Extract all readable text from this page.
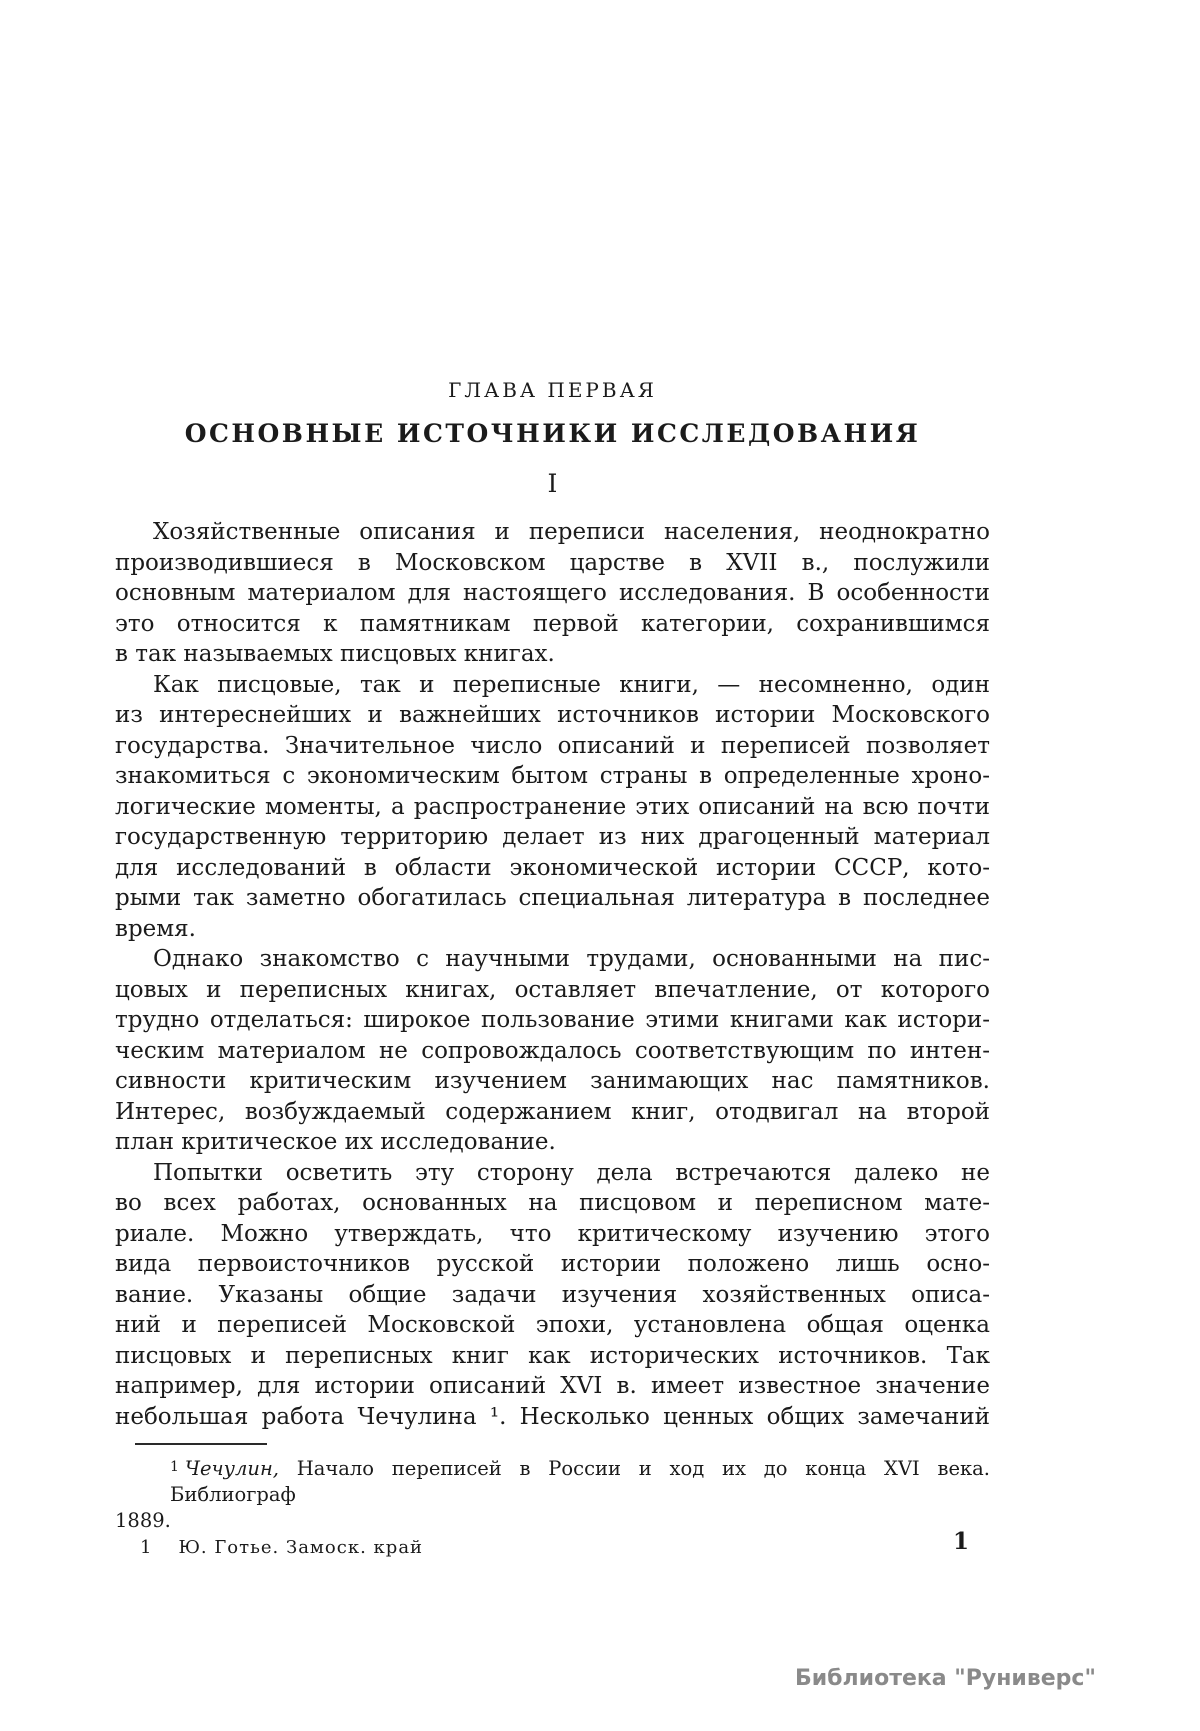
ГЛАВА ПЕРВАЯ
ОСНОВНЫЕ ИСТОЧНИКИ ИССЛЕДОВАНИЯ
I

Хозяйственные описания и переписи населения, неоднократно
производившиеся в Московском царстве в XVII в., послужили
основным материалом для настоящего исследования. В особенности
это относится к памятникам первой категории, сохранившимся
в так называемых писцовых книгах.

Как писцовые, так и переписные книги, — несомненно, один
из интереснейших и важнейших источников истории Московского
государства. Значительное число описаний и переписей позволяет
знакомиться с экономическим бытом страны в определенные хроно-
логические моменты, а распространение этих описаний на всю почти
государственную территорию делает из них драгоценный материал
для исследований в области экономической истории СССР, кото-
рыми так заметно обогатилась специальная литература в последнее
время.

Однако знакомство с научными трудами, основанными на пис-
цовых и переписных книгах, оставляет впечатление, от которого
трудно отделаться: широкое пользование этими книгами как истори-
ческим материалом не сопровождалось соответствующим по интен-
сивности критическим изучением занимающих нас памятников.
Интерес, возбуждаемый содержанием книг, отодвигал на второй
план критическое их исследование.

Попытки осветить эту сторону дела встречаются далеко не
во всех работах, основанных на писцовом и переписном мате-
риале. Можно утверждать, что критическому изучению этого
вида первоисточников русской истории положено лишь осно-
вание. Указаны общие задачи изучения хозяйственных описа-
ний и переписей Московской эпохи, установлена общая оценка
писцовых и переписных книг как исторических источников. Так
например, для истории описаний XVI в. имеет известное значение
небольшая работа Чечулина ¹. Несколько ценных общих замечаний

$^1$ Чечулин, Начало переписей в России и ход их до конца XVI века. Библиограф
1889.
1 Ю. Готье. Замоск. край	1
Библиотека "Руниверс"
